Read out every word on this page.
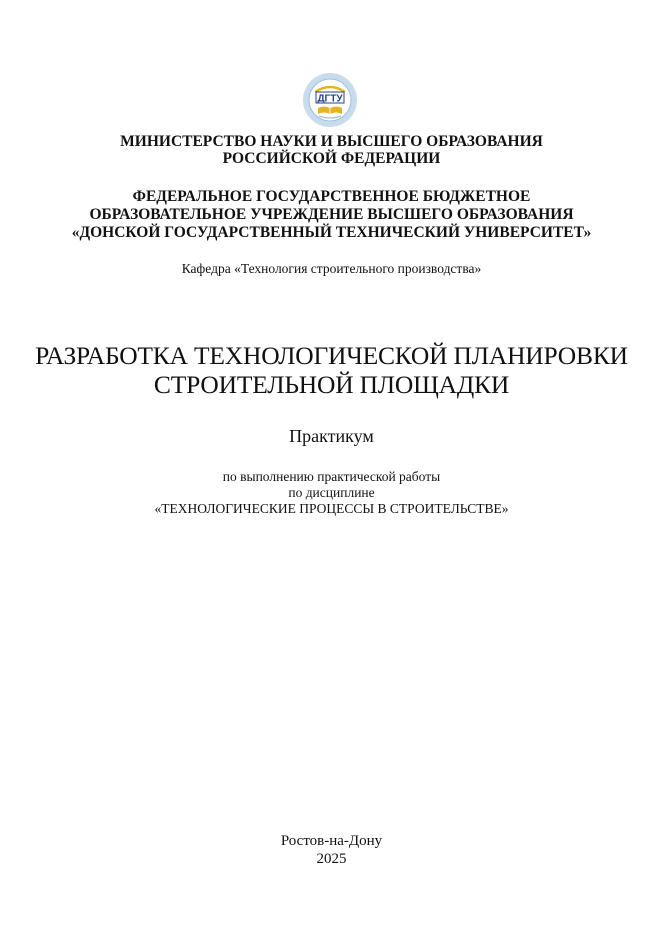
ДГТУ
МИНИСТЕРСТВО НАУКИ И ВЫСШЕГО ОБРАЗОВАНИЯ
РОССИЙСКОЙ ФЕДЕРАЦИИ
ФЕДЕРАЛЬНОЕ ГОСУДАРСТВЕННОЕ БЮДЖЕТНОЕ
ОБРАЗОВАТЕЛЬНОЕ УЧРЕЖДЕНИЕ ВЫСШЕГО ОБРАЗОВАНИЯ
«ДОНСКОЙ ГОСУДАРСТВЕННЫЙ ТЕХНИЧЕСКИЙ УНИВЕРСИТЕТ»
Кафедра «Технология строительного производства»
РАЗРАБОТКА ТЕХНОЛОГИЧЕСКОЙ ПЛАНИРОВКИ
СТРОИТЕЛЬНОЙ ПЛОЩАДКИ
Практикум
по выполнению практической работы
по дисциплине
«ТЕХНОЛОГИЧЕСКИЕ ПРОЦЕССЫ В СТРОИТЕЛЬСТВЕ»
Ростов-на-Дону
2025
